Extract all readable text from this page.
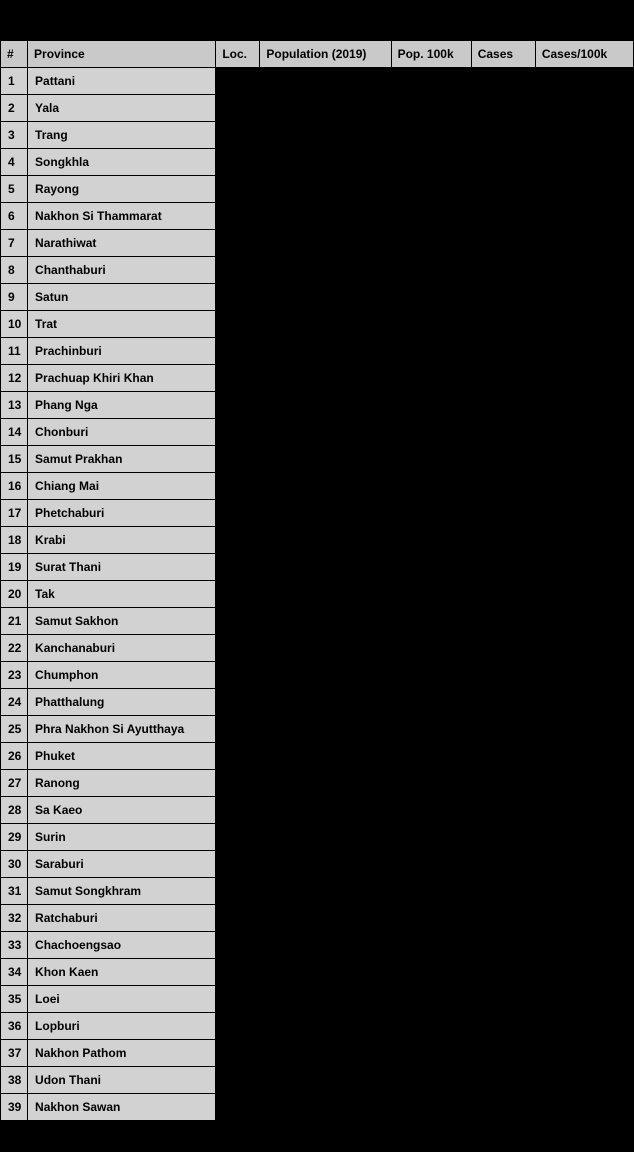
#	Province	Loc.	Population (2019)	Pop. 100k	Cases	Cases/100k
1	Pattani					
2	Yala					
3	Trang					
4	Songkhla					
5	Rayong					
6	Nakhon Si Thammarat					
7	Narathiwat					
8	Chanthaburi					
9	Satun					
10	Trat					
11	Prachinburi					
12	Prachuap Khiri Khan					
13	Phang Nga					
14	Chonburi					
15	Samut Prakhan					
16	Chiang Mai					
17	Phetchaburi					
18	Krabi					
19	Surat Thani					
20	Tak					
21	Samut Sakhon					
22	Kanchanaburi					
23	Chumphon					
24	Phatthalung					
25	Phra Nakhon Si Ayutthaya					
26	Phuket					
27	Ranong					
28	Sa Kaeo					
29	Surin					
30	Saraburi					
31	Samut Songkhram					
32	Ratchaburi					
33	Chachoengsao					
34	Khon Kaen					
35	Loei					
36	Lopburi					
37	Nakhon Pathom					
38	Udon Thani					
39	Nakhon Sawan					
